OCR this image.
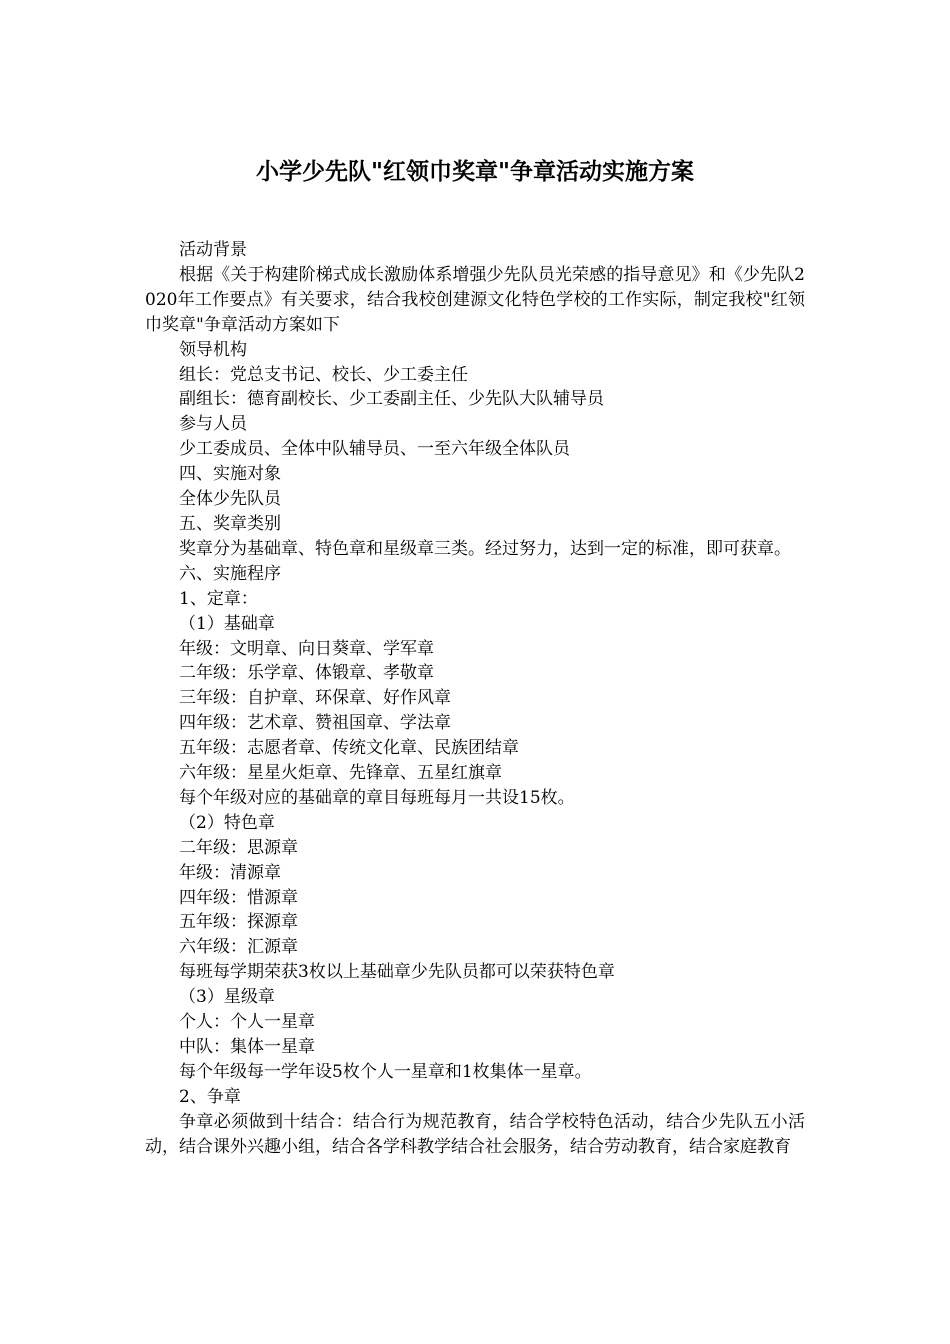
小学少先队"红领巾奖章"争章活动实施方案

活动背景

根据《关于构建阶梯式成长激励体系增强少先队员光荣感的指导意见》和《少先队2020年工作要点》有关要求，结合我校创建源文化特色学校的工作实际，制定我校"红领巾奖章"争章活动方案如下

领导机构

组长：党总支书记、校长、少工委主任

副组长：德育副校长、少工委副主任、少先队大队辅导员

参与人员

少工委成员、全体中队辅导员、一至六年级全体队员

四、实施对象

全体少先队员

五、奖章类别

奖章分为基础章、特色章和星级章三类。经过努力，达到一定的标准，即可获章。

六、实施程序

1、定章：

（1）基础章

年级：文明章、向日葵章、学军章

二年级：乐学章、体锻章、孝敬章

三年级：自护章、环保章、好作风章

四年级：艺术章、赞祖国章、学法章

五年级：志愿者章、传统文化章、民族团结章

六年级：星星火炬章、先锋章、五星红旗章

每个年级对应的基础章的章目每班每月一共设15枚。

（2）特色章

二年级：思源章

年级：清源章

四年级：惜源章

五年级：探源章

六年级：汇源章

每班每学期荣获3枚以上基础章少先队员都可以荣获特色章

（3）星级章

个人：个人一星章

中队：集体一星章

每个年级每一学年设5枚个人一星章和1枚集体一星章。

2、争章

争章必须做到十结合：结合行为规范教育，结合学校特色活动，结合少先队五小活动，结合课外兴趣小组，结合各学科教学结合社会服务，结合劳动教育，结合家庭教育
